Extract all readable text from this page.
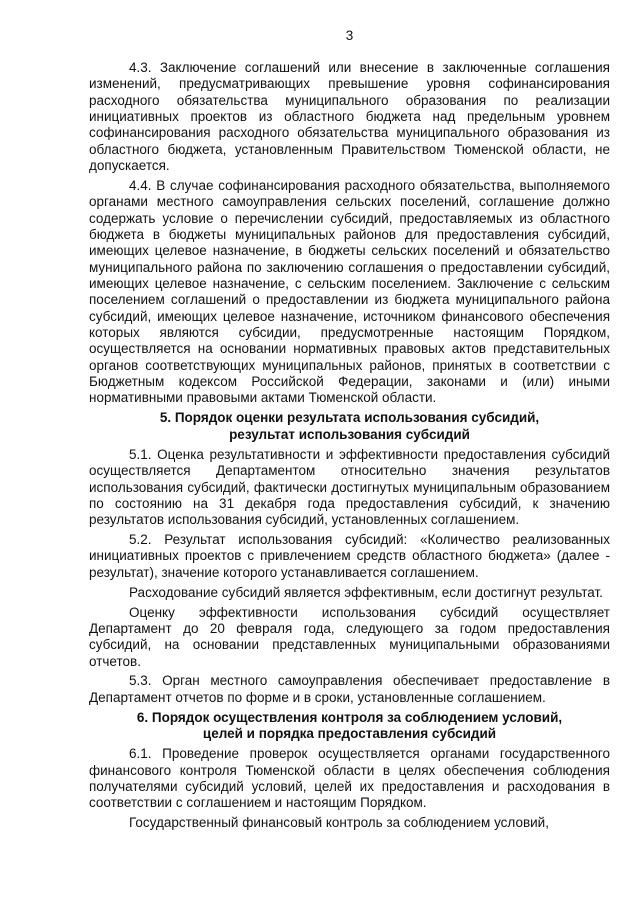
3

4.3. Заключение соглашений или внесение в заключенные соглашения изменений, предусматривающих превышение уровня софинансирования расходного обязательства муниципального образования по реализации инициативных проектов из областного бюджета над предельным уровнем софинансирования расходного обязательства муниципального образования из областного бюджета, установленным Правительством Тюменской области, не допускается.

4.4. В случае софинансирования расходного обязательства, выполняемого органами местного самоуправления сельских поселений, соглашение должно содержать условие о перечислении субсидий, предоставляемых из областного бюджета в бюджеты муниципальных районов для предоставления субсидий, имеющих целевое назначение, в бюджеты сельских поселений и обязательство муниципального района по заключению соглашения о предоставлении субсидий, имеющих целевое назначение, с сельским поселением. Заключение с сельским поселением соглашений о предоставлении из бюджета муниципального района субсидий, имеющих целевое назначение, источником финансового обеспечения которых являются субсидии, предусмотренные настоящим Порядком, осуществляется на основании нормативных правовых актов представительных органов соответствующих муниципальных районов, принятых в соответствии с Бюджетным кодексом Российской Федерации, законами и (или) иными нормативными правовыми актами Тюменской области.

5. Порядок оценки результата использования субсидий,
результат использования субсидий

5.1. Оценка результативности и эффективности предоставления субсидий осуществляется Департаментом относительно значения результатов использования субсидий, фактически достигнутых муниципальным образованием по состоянию на 31 декабря года предоставления субсидий, к значению результатов использования субсидий, установленных соглашением.

5.2. Результат использования субсидий: «Количество реализованных инициативных проектов с привлечением средств областного бюджета» (далее - результат), значение которого устанавливается соглашением.

Расходование субсидий является эффективным, если достигнут результат.

Оценку эффективности использования субсидий осуществляет Департамент до 20 февраля года, следующего за годом предоставления субсидий, на основании представленных муниципальными образованиями отчетов.

5.3. Орган местного самоуправления обеспечивает предоставление в Департамент отчетов по форме и в сроки, установленные соглашением.

6. Порядок осуществления контроля за соблюдением условий,
целей и порядка предоставления субсидий

6.1. Проведение проверок осуществляется органами государственного финансового контроля Тюменской области в целях обеспечения соблюдения получателями субсидий условий, целей их предоставления и расходования в соответствии с соглашением и настоящим Порядком.

Государственный финансовый контроль за соблюдением условий,
